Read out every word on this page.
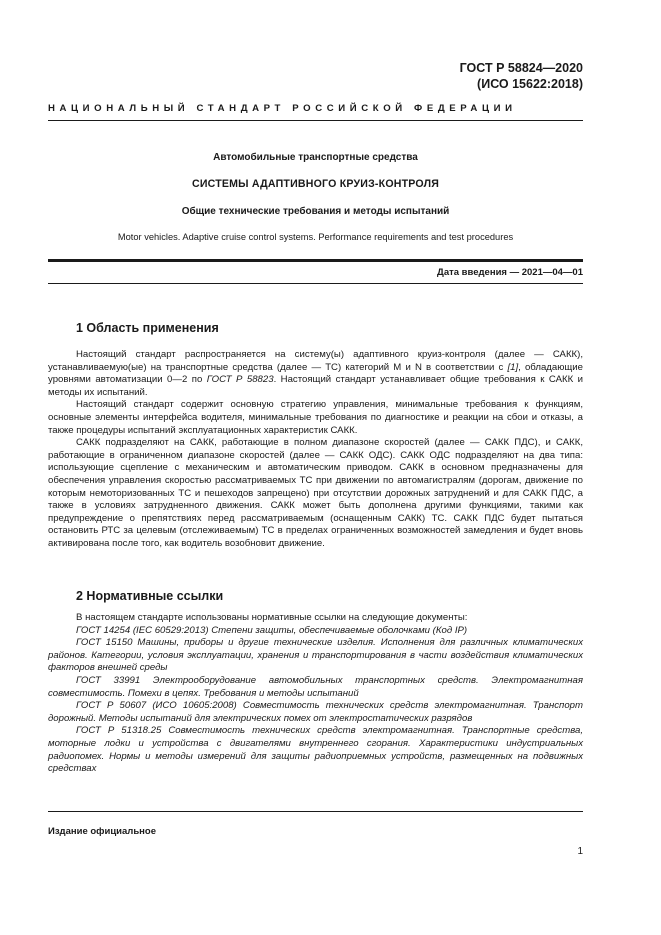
ГОСТ Р 58824—2020
(ИСО 15622:2018)
НАЦИОНАЛЬНЫЙ СТАНДАРТ РОССИЙСКОЙ ФЕДЕРАЦИИ
Автомобильные транспортные средства
СИСТЕМЫ АДАПТИВНОГО КРУИЗ-КОНТРОЛЯ
Общие технические требования и методы испытаний
Motor vehicles. Adaptive cruise control systems. Performance requirements and test procedures
Дата введения — 2021—04—01
1 Область применения

Настоящий стандарт распространяется на систему(ы) адаптивного круиз-контроля (далее — САКК), устанавливаемую(ые) на транспортные средства (далее — ТС) категорий М и N в соответствии с [1], обладающие уровнями автоматизации 0—2 по ГОСТ Р 58823. Настоящий стандарт устанавливает общие требования к САКК и методы их испытаний.

Настоящий стандарт содержит основную стратегию управления, минимальные требования к функциям, основные элементы интерфейса водителя, минимальные требования по диагностике и реакции на сбои и отказы, а также процедуры испытаний эксплуатационных характеристик САКК.

САКК подразделяют на САКК, работающие в полном диапазоне скоростей (далее — САКК ПДС), и САКК, работающие в ограниченном диапазоне скоростей (далее — САКК ОДС). САКК ОДС подразделяют на два типа: использующие сцепление с механическим и автоматическим приводом. САКК в основном предназначены для обеспечения управления скоростью рассматриваемых ТС при движении по автомагистралям (дорогам, движение по которым немоторизованных ТС и пешеходов запрещено) при отсутствии дорожных затруднений и для САКК ПДС, а также в условиях затрудненного движения. САКК может быть дополнена другими функциями, такими как предупреждение о препятствиях перед рассматриваемым (оснащенным САКК) ТС. САКК ПДС будет пытаться остановить РТС за целевым (отслеживаемым) ТС в пределах ограниченных возможностей замедления и будет вновь активирована после того, как водитель возобновит движение.

2 Нормативные ссылки

В настоящем стандарте использованы нормативные ссылки на следующие документы:

ГОСТ 14254 (IEC 60529:2013) Степени защиты, обеспечиваемые оболочками (Код IP)

ГОСТ 15150 Машины, приборы и другие технические изделия. Исполнения для различных климатических районов. Категории, условия эксплуатации, хранения и транспортирования в части воздействия климатических факторов внешней среды

ГОСТ 33991 Электрооборудование автомобильных транспортных средств. Электромагнитная совместимость. Помехи в цепях. Требования и методы испытаний

ГОСТ Р 50607 (ИСО 10605:2008) Совместимость технических средств электромагнитная. Транспорт дорожный. Методы испытаний для электрических помех от электростатических разрядов

ГОСТ Р 51318.25 Совместимость технических средств электромагнитная. Транспортные средства, моторные лодки и устройства с двигателями внутреннего сгорания. Характеристики индустриальных радиопомех. Нормы и методы измерений для защиты радиоприемных устройств, размещенных на подвижных средствах

Издание официальное
1
